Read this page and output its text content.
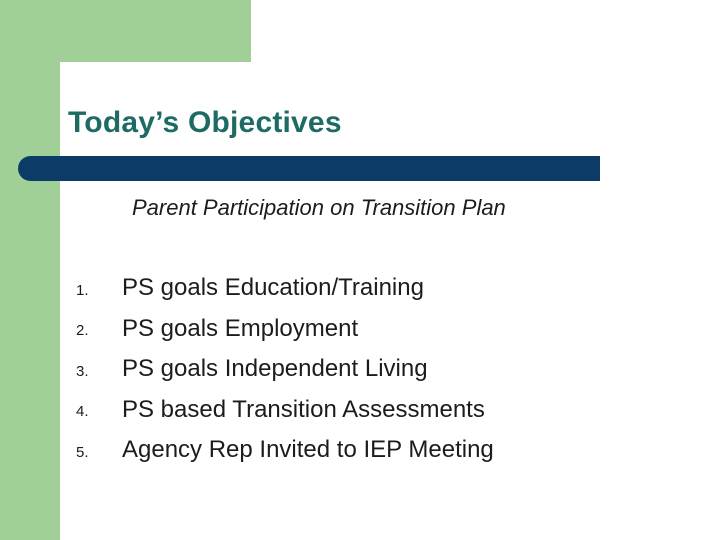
Today’s Objectives
Parent Participation on Transition Plan
1.	PS goals Education/Training
2.	PS goals Employment
3.	PS goals Independent Living
4.	PS based Transition Assessments
5.	Agency Rep Invited to IEP Meeting
